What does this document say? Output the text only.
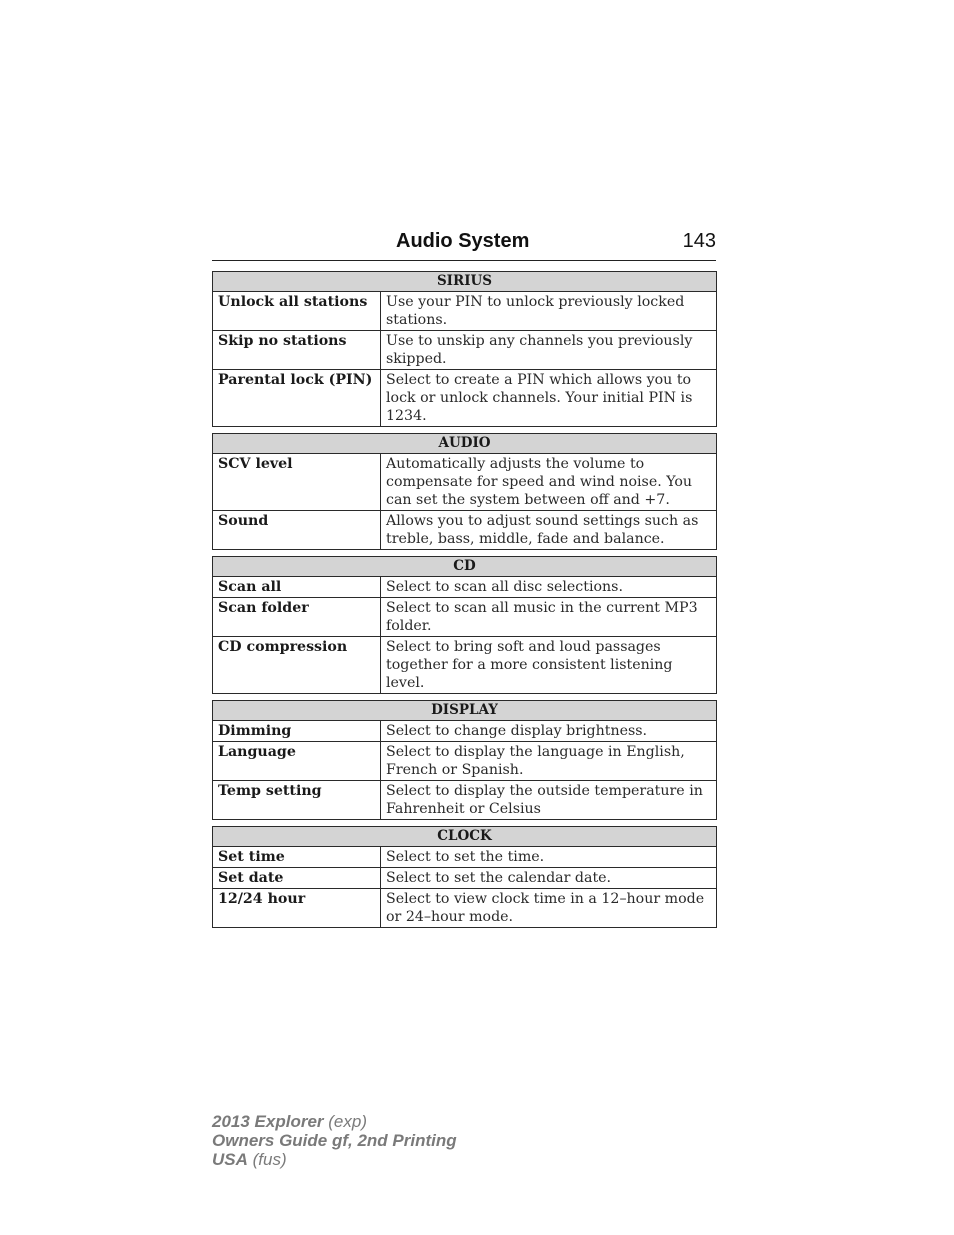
Audio System	143
SIRIUS	
Unlock all stations	Use your PIN to unlock previously locked stations.
Skip no stations	Use to unskip any channels you previously skipped.
Parental lock (PIN)	Select to create a PIN which allows you to lock or unlock channels. Your initial PIN is 1234.
AUDIO	
SCV level	Automatically adjusts the volume to compensate for speed and wind noise. You can set the system between off and +7.
Sound	Allows you to adjust sound settings such as treble, bass, middle, fade and balance.
CD	
Scan all	Select to scan all disc selections.
Scan folder	Select to scan all music in the current MP3 folder.
CD compression	Select to bring soft and loud passages together for a more consistent listening level.
DISPLAY	
Dimming	Select to change display brightness.
Language	Select to display the language in English, French or Spanish.
Temp setting	Select to display the outside temperature in Fahrenheit or Celsius
CLOCK	
Set time	Select to set the time.
Set date	Select to set the calendar date.
12/24 hour	Select to view clock time in a 12–hour mode or 24–hour mode.
2013 Explorer (exp)
Owners Guide gf, 2nd Printing
USA (fus)
